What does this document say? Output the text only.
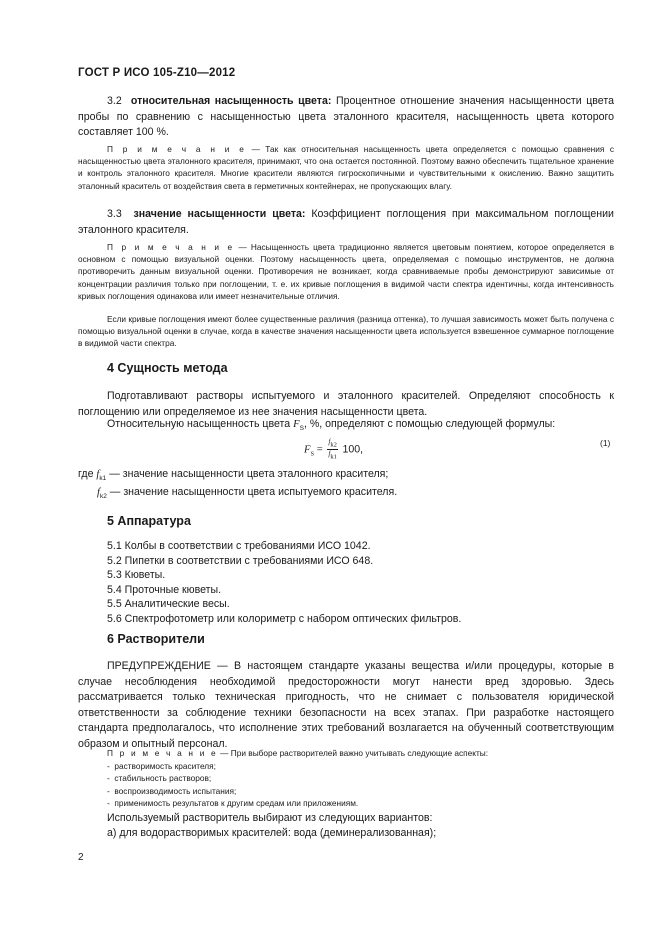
ГОСТ Р ИСО 105-Z10—2012
3.2 относительная насыщенность цвета: Процентное отношение значения насыщенности цвета пробы по сравнению с насыщенностью цвета эталонного красителя, насыщенность цвета которого составляет 100 %.
П р и м е ч а н и е — Так как относительная насыщенность цвета определяется с помощью сравнения с насыщенностью цвета эталонного красителя, принимают, что она остается постоянной. Поэтому важно обеспечить тщательное хранение и контроль эталонного красителя. Многие красители являются гигроскопичными и чувствительными к окислению. Важно защитить эталонный краситель от воздействия света в герметичных контейнерах, не пропускающих влагу.
3.3 значение насыщенности цвета: Коэффициент поглощения при максимальном поглощении эталонного красителя.
П р и м е ч а н и е — Насыщенность цвета традиционно является цветовым понятием, которое определяется в основном с помощью визуальной оценки. Поэтому насыщенность цвета, определяемая с помощью инструментов, не должна противоречить данным визуальной оценки. Противоречия не возникает, когда сравниваемые пробы демонстрируют зависимые от концентрации различия только при поглощении, т. е. их кривые поглощения в видимой части спектра идентичны, когда интенсивность кривых поглощения одинакова или имеет незначительные отличия.
Если кривые поглощения имеют более существенные различия (разница оттенка), то лучшая зависимость может быть получена с помощью визуальной оценки в случае, когда в качестве значения насыщенности цвета используется взвешенное суммарное поглощение в видимой части спектра.
4 Сущность метода
Подготавливают растворы испытуемого и эталонного красителей. Определяют способность к поглощению или определяемое из нее значения насыщенности цвета.
Относительную насыщенность цвета $F_S$, %, определяют с помощью следующей формулы:
$F_S = \frac{f_{k2}}{f_{k1}} 100$,
(1)
где $f_{k1}$ — значение насыщенности цвета эталонного красителя;
$f_{k2}$ — значение насыщенности цвета испытуемого красителя.
5 Аппаратура
5.1 Колбы в соответствии с требованиями ИСО 1042.
5.2 Пипетки в соответствии с требованиями ИСО 648.
5.3 Кюветы.
5.4 Проточные кюветы.
5.5 Аналитические весы.
5.6 Спектрофотометр или колориметр с набором оптических фильтров.
6 Растворители
ПРЕДУПРЕЖДЕНИЕ — В настоящем стандарте указаны вещества и/или процедуры, которые в случае несоблюдения необходимой предосторожности могут нанести вред здоровью. Здесь рассматривается только техническая пригодность, что не снимает с пользователя юридической ответственности за соблюдение техники безопасности на всех этапах. При разработке настоящего стандарта предполагалось, что исполнение этих требований возлагается на обученный соответствующим образом и опытный персонал.
П р и м е ч а н и е — При выборе растворителей важно учитывать следующие аспекты:
-  растворимость красителя;
-  стабильность растворов;
-  воспроизводимость испытания;
-  применимость результатов к другим средам или приложениям.
Используемый растворитель выбирают из следующих вариантов:
a) для водорастворимых красителей: вода (деминерализованная);
2
